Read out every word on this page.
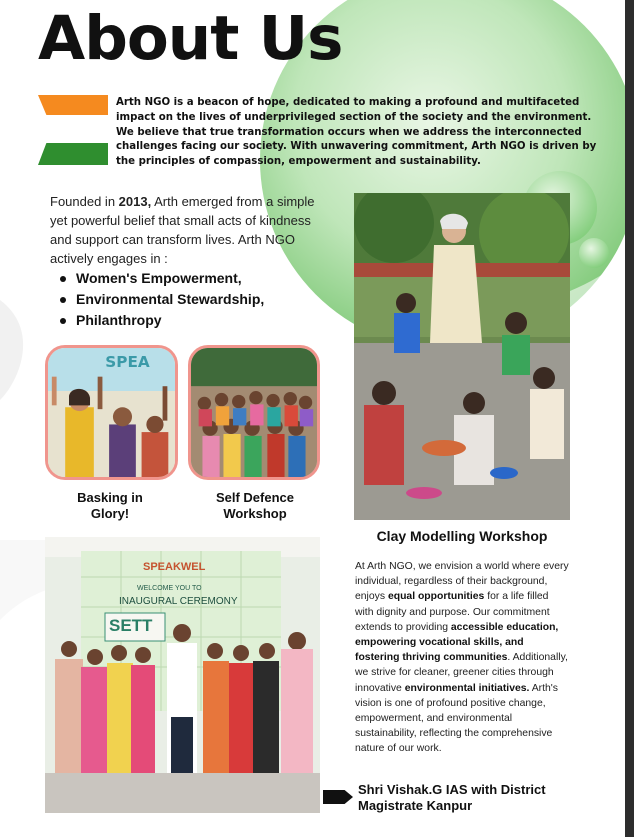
About Us

Arth NGO is a beacon of hope, dedicated to making a profound and multifaceted impact on the lives of underprivileged section of the society and the environment. We believe that true transformation occurs when we address the interconnected challenges facing our society. With unwavering commitment, Arth NGO is driven by the principles of compassion, empowerment and sustainability.

Founded in 2013, Arth emerged from a simple yet powerful belief that small acts of kindness and support can transform lives. Arth NGO actively engages in :

Women's Empowerment,
Environmental Stewardship,
Philanthropy
SPEA
Basking in Glory!
Self Defence Workshop
Clay Modelling Workshop

At Arth NGO, we envision a world where every individual, regardless of their background, enjoys equal opportunities for a life filled with dignity and purpose. Our commitment extends to providing accessible education, empowering vocational skills, and fostering thriving communities. Additionally, we strive for cleaner, greener cities through innovative environmental initiatives. Arth's vision is one of profound positive change, empowerment, and environmental sustainability, reflecting the comprehensive nature of our work.

SPEAKWEL
WELCOME YOU TO
INAUGURAL CEREMONY
SETT
Shri Vishak.G IAS with District Magistrate Kanpur
